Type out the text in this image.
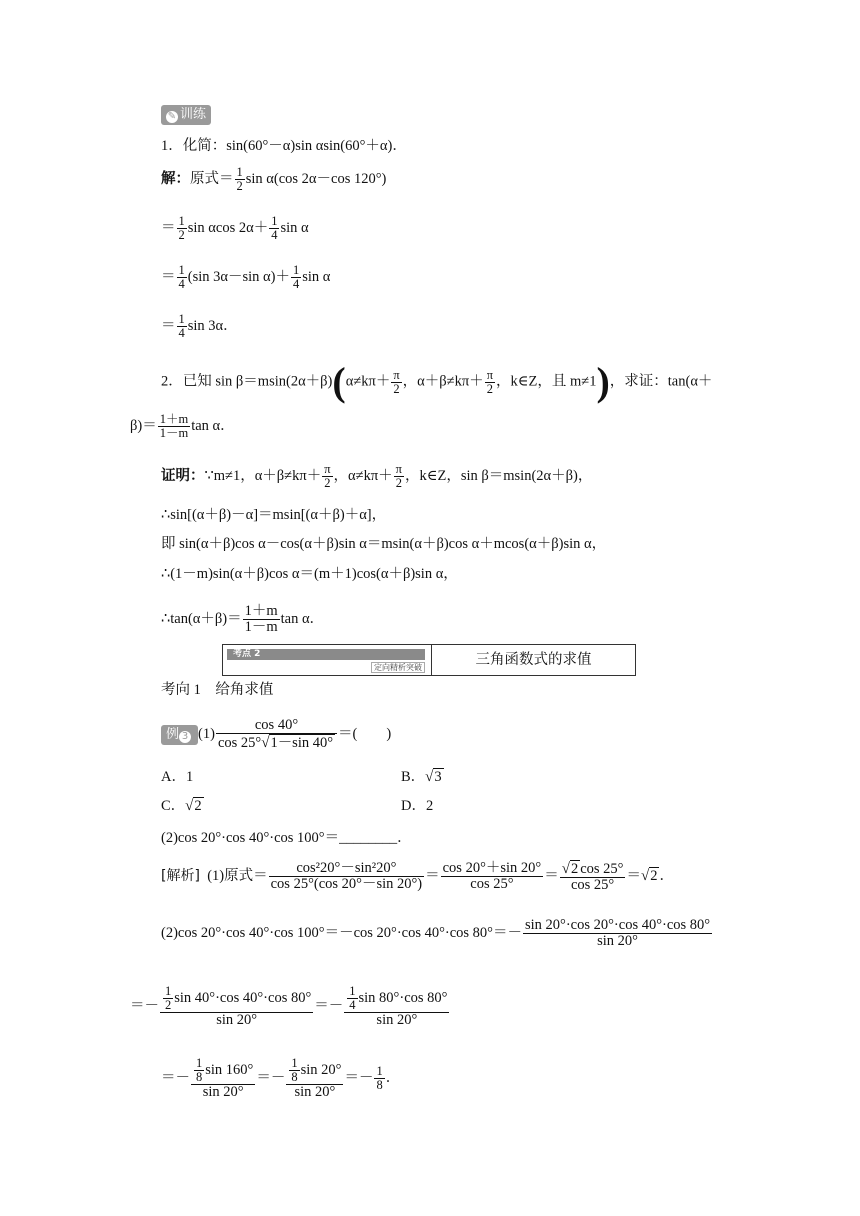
✎ 训练
1．化简：sin(60°－α)sin αsin(60°＋α)．
解：原式＝ $\frac{1}{2}$ sin α(cos 2α－cos 120°)
＝ $\frac{1}{2}$ sin αcos $2\alpha+ \frac{1}{4}$ sin α
＝ $\frac{1}{4} (\sin$ 3α－sin $\alpha)+ \frac{1}{4}$ sin α
＝ $\frac{1}{4}$ sin 3α．
2．已知 $\sin \beta=msin(2\alpha+\beta)(\alpha\ne k\pi+ \frac{\pi}{2}$ ，$\alpha+\beta\ne k\pi+ \frac{\pi}{2}$ ，k∈Z，且 m≠1)，求证：tan(α＋
$\beta)= \frac{1+m}{1-m}$ tan α．
证明：∵m≠1，$\alpha+\beta\ne k\pi+ \frac{\pi}{2}$ ，$\alpha\ne k\pi+ \frac{\pi}{2}$ ，k∈Z，sin β＝msin(2α＋β)，
∴sin[(α＋β)－α]＝msin[(α＋β)＋α]，
即 sin(α＋β)cos α－cos(α＋β)sin α＝msin(α＋β)cos α＋mcos(α＋β)sin α，
∴(1－m)sin(α＋β)cos α＝(m＋1)cos(α＋β)sin α，
∴tan(α＋β)＝ $\frac{1+m}{1-m}$ tan α．
考点 2
定向精析突破	三角函数式的求值
考向 1　给角求值
例 3 $(1) \frac{\cos 40^\circ}{\cos 25^\circ√1-\sin 40^\circ}$ ＝(　　)
A．1	B．√3
C．√2	D．2
(2)cos 20°·cos 40°·cos 100°＝________．
[解析] (1)原式＝ $\frac{\text{cos²20°－sin²20°}}{\cos 25^\circ(\cos 20^\circ-\sin 20^\circ)} = \frac{\cos 20^\circ+\sin 20^\circ}{\cos 25^\circ} = \frac{√2 \cos 25^\circ}{\cos 25^\circ} =√2$ ．
(2)cos 20°·cos 40°·cos 100°＝－cos 20°·cos 40°·cos $80^\circ=- \frac{\sin 20^\circ\cdot\cos 20^\circ\cdot\cos 40^\circ\cdot\cos 80^\circ}{\sin 20^\circ}$
＝－ $\frac{\frac{1}{2} \sin 40^\circ\cdot\cos 40^\circ\cdot\cos 80^\circ}{\sin 20^\circ} =- \frac{\frac{1}{4} \sin 80^\circ\cdot\cos 80^\circ}{\sin 20^\circ}$
＝－ $\frac{\frac{1}{8} \sin 160^\circ}{\sin 20^\circ} =- \frac{\frac{1}{8} \sin 20^\circ}{\sin 20^\circ} =- \frac{1}{8}$ ．
